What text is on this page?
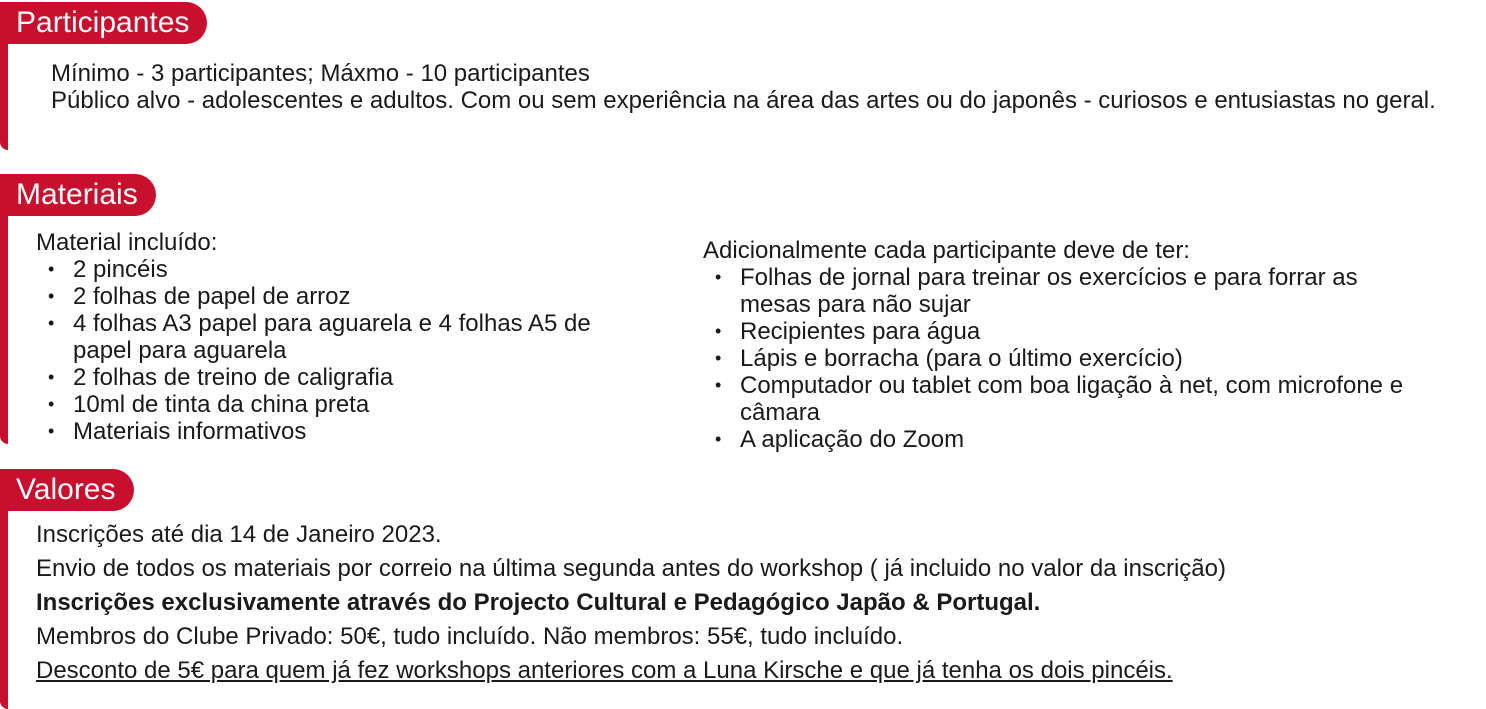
Participantes
Mínimo - 3 participantes; Máxmo - 10 participantes
Público alvo - adolescentes e adultos. Com ou sem experiência na área das artes ou do japonês - curiosos e entusiastas no geral.
Materiais
Material incluído:
• 2 pincéis
• 2 folhas de papel de arroz
• 4 folhas A3 papel para aguarela e 4 folhas A5 de papel para aguarela
• 2 folhas de treino de caligrafia
• 10ml de tinta da china preta
• Materiais informativos
Adicionalmente cada participante deve de ter:
• Folhas de jornal para treinar os exercícios e para forrar as mesas para não sujar
• Recipientes para água
• Lápis e borracha (para o último exercício)
• Computador ou tablet com boa ligação à net, com microfone e câmara
• A aplicação do Zoom
Valores
Inscrições até dia 14 de Janeiro 2023.
Envio de todos os materiais por correio na última segunda antes do workshop ( já incluido no valor da inscrição)
Inscrições exclusivamente através do Projecto Cultural e Pedagógico Japão & Portugal.
Membros do Clube Privado: 50€, tudo incluído. Não membros: 55€, tudo incluído.
Desconto de 5€ para quem já fez workshops anteriores com a Luna Kirsche e que já tenha os dois pincéis.
